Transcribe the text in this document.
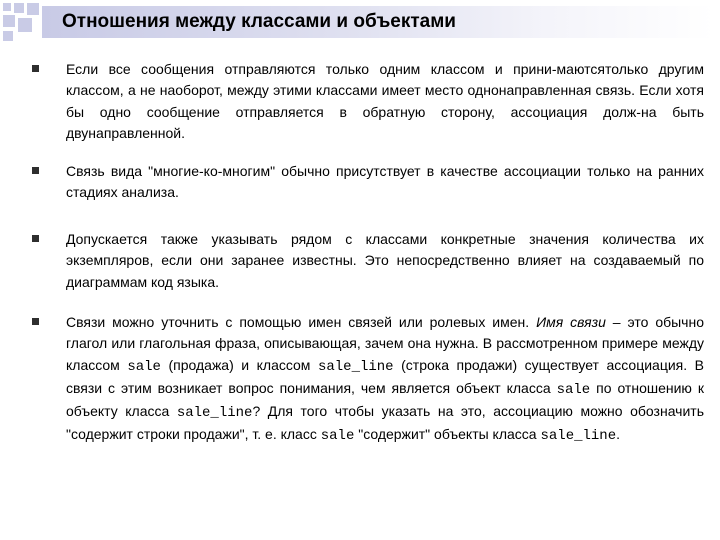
Отношения между классами и объектами
Если все сообщения отправляются только одним классом и прини-маютсятолько другим классом, а не наоборот, между этими классами имеет место однонаправленная связь. Если хотя бы одно сообщение отправляется в обратную сторону, ассоциация долж-на быть двунаправленной.
Связь вида "многие-ко-многим" обычно присутствует в качестве ассоциации только на ранних стадиях анализа.
Допускается также указывать рядом с классами конкретные значения количества их экземпляров, если они заранее известны. Это непосредственно влияет на создаваемый по диаграммам код языка.
Связи можно уточнить с помощью имен связей или ролевых имен. Имя связи – это обычно глагол или глагольная фраза, описывающая, зачем она нужна. В рассмотренном примере между классом sale (продажа) и классом sale_line (строка продажи) существует ассоциация. В связи с этим возникает вопрос понимания, чем является объект класса sale по отношению к объекту класса sale_line? Для того чтобы указать на это, ассоциацию можно обозначить "содержит строки продажи", т. е. класс sale "содержит" объекты класса sale_line.
